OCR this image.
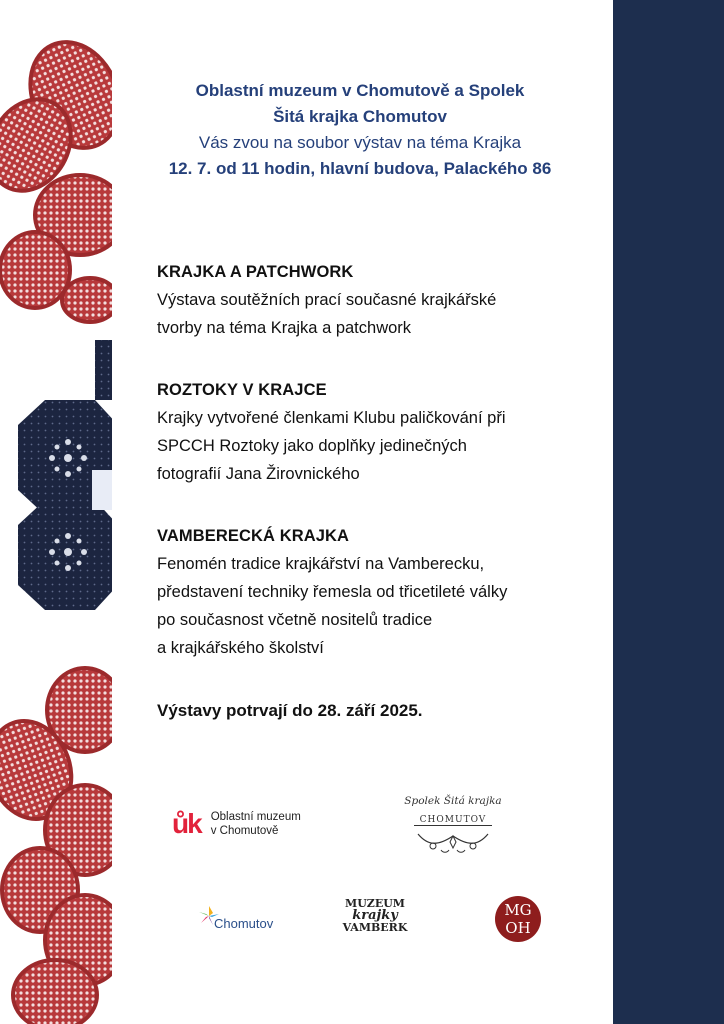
Oblastní muzeum v Chomutově a Spolek
Šitá krajka Chomutov
Vás zvou na soubor výstav na téma Krajka
12. 7. od 11 hodin, hlavní budova, Palackého 86
KRAJKA A PATCHWORK
Výstava soutěžních prací současné krajkářské
tvorby na téma Krajka a patchwork
ROZTOKY V KRAJCE
Krajky vytvořené členkami Klubu paličkování při
SPCCH Roztoky jako doplňky jedinečných
fotografií Jana Žirovnického
VAMBERECKÁ KRAJKA
Fenomén tradice krajkářství na Vamberecku,
představení techniky řemesla od třicetileté války
po současnost včetně nositelů tradice
a krajkářského školství
Výstavy potrvají do 28. září 2025.
ůk Oblastní muzeum
v Chomutově
Spolek Šitá krajka
CHOMUTOV
Chomutov
MUZEUM
krajky
VAMBERK
MG
OH
